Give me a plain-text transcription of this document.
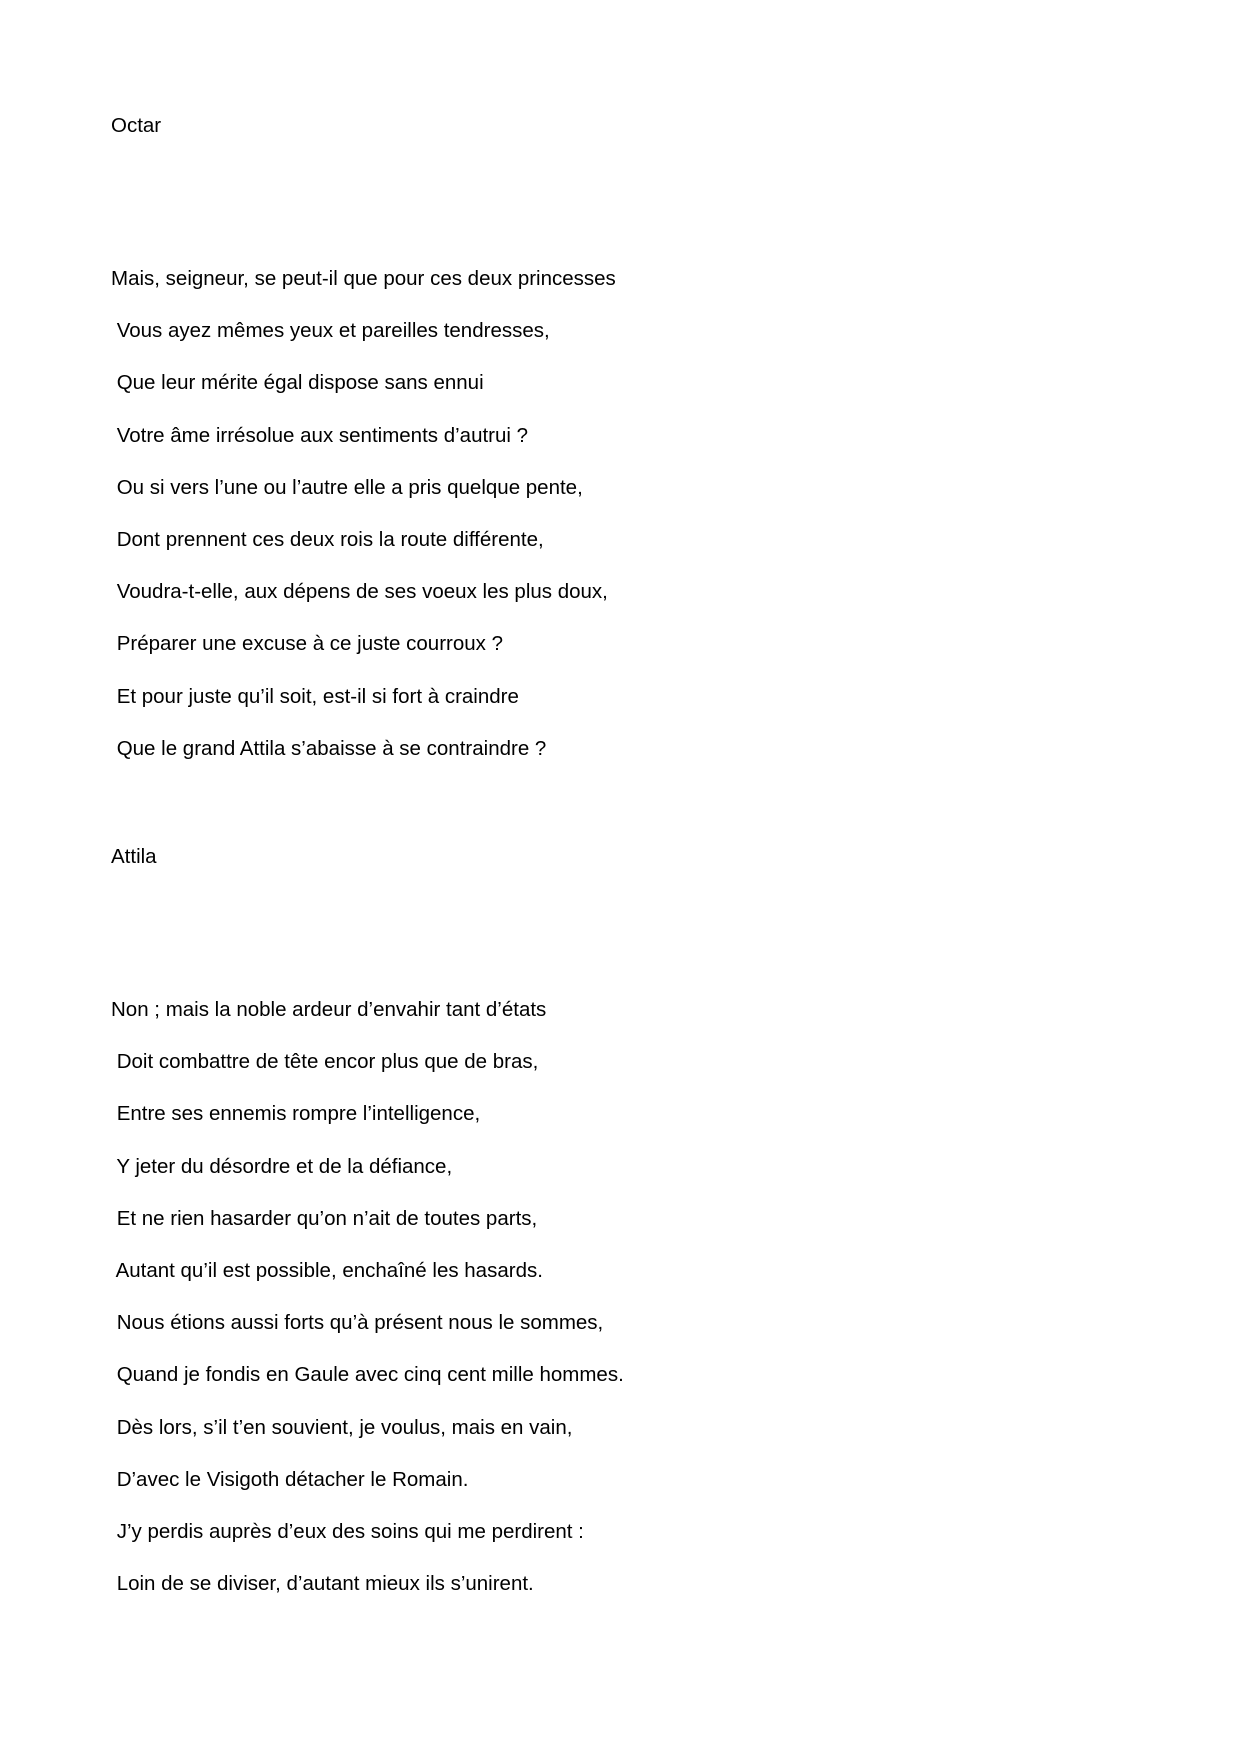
Octar

Mais, seigneur, se peut-il que pour ces deux princesses
Vous ayez mêmes yeux et pareilles tendresses,
Que leur mérite égal dispose sans ennui
Votre âme irrésolue aux sentiments d’autrui ?
Ou si vers l’une ou l’autre elle a pris quelque pente,
Dont prennent ces deux rois la route différente,
Voudra-t-elle, aux dépens de ses voeux les plus doux,
Préparer une excuse à ce juste courroux ?
Et pour juste qu’il soit, est-il si fort à craindre
Que le grand Attila s’abaisse à se contraindre ?

Attila

Non ; mais la noble ardeur d’envahir tant d’états
Doit combattre de tête encor plus que de bras,
Entre ses ennemis rompre l’intelligence,
Y jeter du désordre et de la défiance,
Et ne rien hasarder qu’on n’ait de toutes parts,
Autant qu’il est possible, enchaîné les hasards.
Nous étions aussi forts qu’à présent nous le sommes,
Quand je fondis en Gaule avec cinq cent mille hommes.
Dès lors, s’il t’en souvient, je voulus, mais en vain,
D’avec le Visigoth détacher le Romain.
J’y perdis auprès d’eux des soins qui me perdirent :
Loin de se diviser, d’autant mieux ils s’unirent.
